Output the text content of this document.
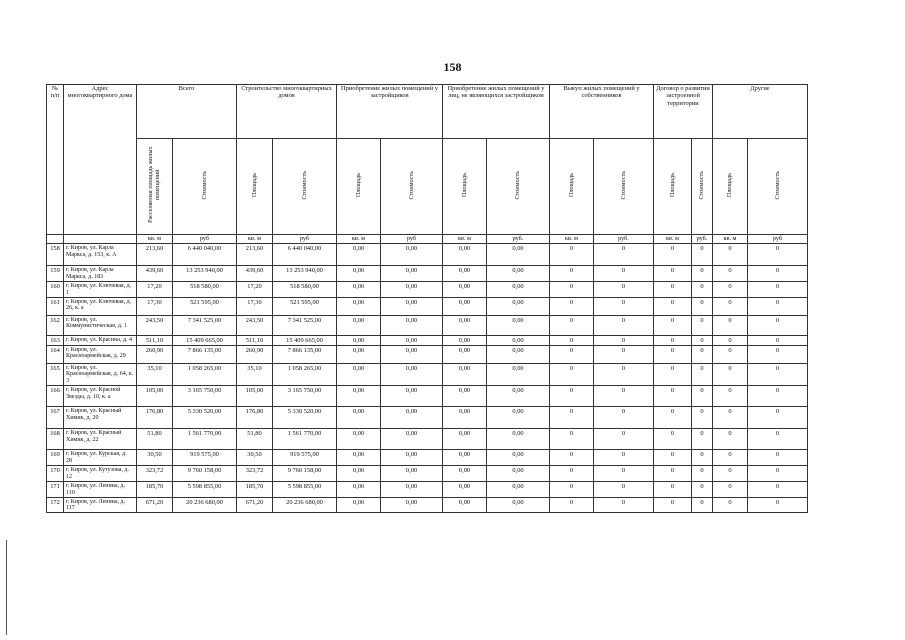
158
№ п/п	Адрес многоквартирного дома	Всего		Строительство многоквартирных домов		Приобретение жилых помещений у застройщиков		Приобретение жилых помещений у лиц, не являющихся застройщиком		Выкуп жилых помещений у собственников		Договор о развитии застроенной территории		Другие	
		Расселяемая площадь жилых помещений	Стоимость	Площадь	Стоимость	Площадь	Стоимость	Площадь	Стоимость	Площадь	Стоимость	Площадь	Стоимость	Площадь	Стоимость
		кв. м	руб	кв. м	руб	кв. м	руб	кв. м	руб.	кв. м	руб.	кв. м	руб.	кв. м	руб
158	г. Киров, ул. Карла Маркса, д. 153, к. А	213,60	6 440 040,00	213,60	6 440 040,00	0,00	0,00	0,00	0,00	0	0	0	0	0	0
159	г. Киров, ул. Карла Маркса, д. 183	439,60	13 253 940,00	439,60	13 253 940,00	0,00	0,00	0,00	0,00	0	0	0	0	0	0
160	г. Киров, ул. Ключевая, д. 1	17,20	518 580,00	17,20	518 580,00	0,00	0,00	0,00	0,00	0	0	0	0	0	0
161	г. Киров, ул. Ключевая, д. 26, к. а	17,30	521 595,00	17,30	521 595,00	0,00	0,00	0,00	0,00	0	0	0	0	0	0
162	г. Киров, ул. Коммунистическая, д. 1	243,50	7 341 525,00	243,50	7 341 525,00	0,00	0,00	0,00	0,00	0	0	0	0	0	0
163	г. Киров, ул. Красина, д. 4	511,10	15 409 665,00	511,10	15 409 665,00	0,00	0,00	0,00	0,00	0	0	0	0	0	0
164	г. Киров, ул. Красноармейская, д. 29	260,90	7 866 135,00	260,90	7 866 135,00	0,00	0,00	0,00	0,00	0	0	0	0	0	0
165	г. Киров, ул. Красноармейская, д. 64, к. 3	35,10	1 058 265,00	35,10	1 058 265,00	0,00	0,00	0,00	0,00	0	0	0	0	0	0
166	г. Киров, ул. Красной Звезды, д. 10, к. а	105,00	3 165 750,00	105,00	3 165 750,00	0,00	0,00	0,00	0,00	0	0	0	0	0	0
167	г. Киров, ул. Красный Химик, д. 20	176,80	5 330 520,00	176,80	5 330 520,00	0,00	0,00	0,00	0,00	0	0	0	0	0	0
168	г. Киров, ул. Красный Химик, д. 22	51,80	1 561 770,00	51,80	1 561 770,00	0,00	0,00	0,00	0,00	0	0	0	0	0	0
169	г. Киров, ул. Курская, д. 28	30,50	919 575,00	30,50	919 575,00	0,00	0,00	0,00	0,00	0	0	0	0	0	0
170	г. Киров, ул. Кутузова, д. 12	323,72	9 760 158,00	323,72	9 760 158,00	0,00	0,00	0,00	0,00	0	0	0	0	0	0
171	г. Киров, ул. Ленина, д. 110	185,70	5 598 855,00	185,70	5 598 855,00	0,00	0,00	0,00	0,00	0	0	0	0	0	0
172	г. Киров, ул. Ленина, д. 117	671,20	20 236 680,00	671,20	20 236 680,00	0,00	0,00	0,00	0,00	0	0	0	0	0	0
